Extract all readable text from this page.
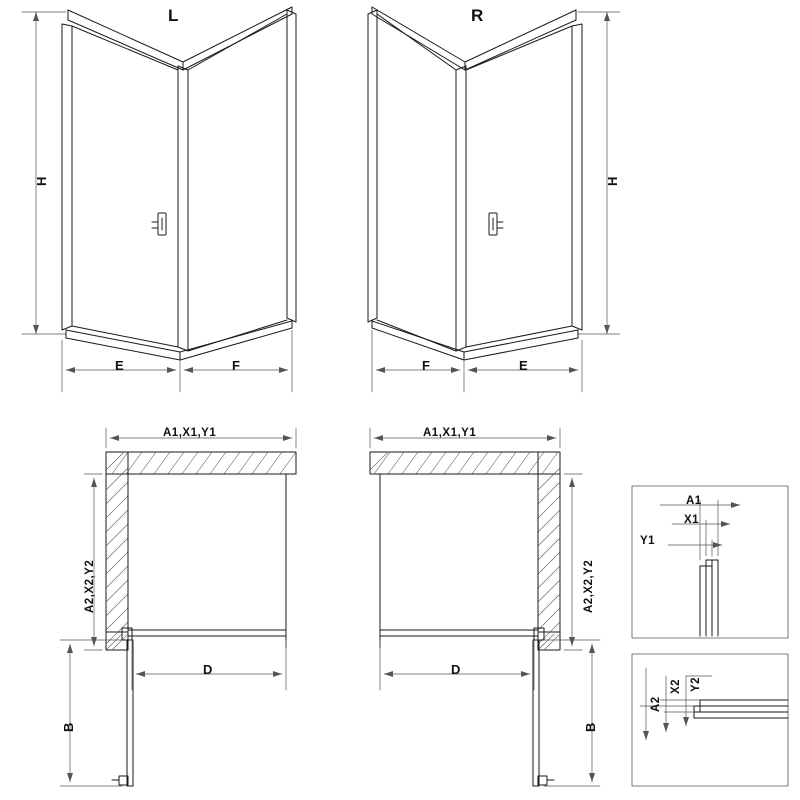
L	R
H	H
E	F	F	E
A1,X1,Y1	A1,X1,Y1
A2,X2,Y2	A2,X2,Y2
D	D
B	B
A1
X1
Y1
A2
X2 Y2
